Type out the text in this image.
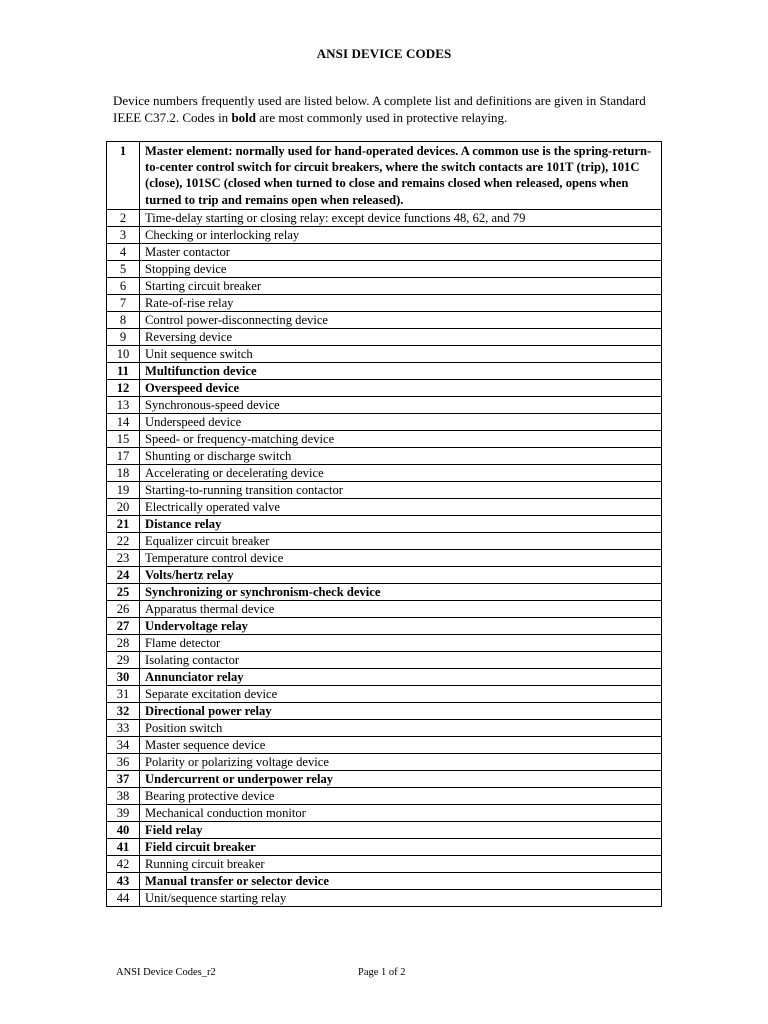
ANSI DEVICE CODES
Device numbers frequently used are listed below. A complete list and definitions are given in Standard IEEE C37.2. Codes in bold are most commonly used in protective relaying.
1	Master element: normally used for hand-operated devices. A common use is the spring-return-to-center control switch for circuit breakers, where the switch contacts are 101T (trip), 101C (close), 101SC (closed when turned to close and remains closed when released, opens when turned to trip and remains open when released).
2	Time-delay starting or closing relay: except device functions 48, 62, and 79
3	Checking or interlocking relay
4	Master contactor
5	Stopping device
6	Starting circuit breaker
7	Rate-of-rise relay
8	Control power-disconnecting device
9	Reversing device
10	Unit sequence switch
11	Multifunction device
12	Overspeed device
13	Synchronous-speed device
14	Underspeed device
15	Speed- or frequency-matching device
17	Shunting or discharge switch
18	Accelerating or decelerating device
19	Starting-to-running transition contactor
20	Electrically operated valve
21	Distance relay
22	Equalizer circuit breaker
23	Temperature control device
24	Volts/hertz relay
25	Synchronizing or synchronism-check device
26	Apparatus thermal device
27	Undervoltage relay
28	Flame detector
29	Isolating contactor
30	Annunciator relay
31	Separate excitation device
32	Directional power relay
33	Position switch
34	Master sequence device
36	Polarity or polarizing voltage device
37	Undercurrent or underpower relay
38	Bearing protective device
39	Mechanical conduction monitor
40	Field relay
41	Field circuit breaker
42	Running circuit breaker
43	Manual transfer or selector device
44	Unit/sequence starting relay
ANSI Device Codes_r2	Page 1 of 2
